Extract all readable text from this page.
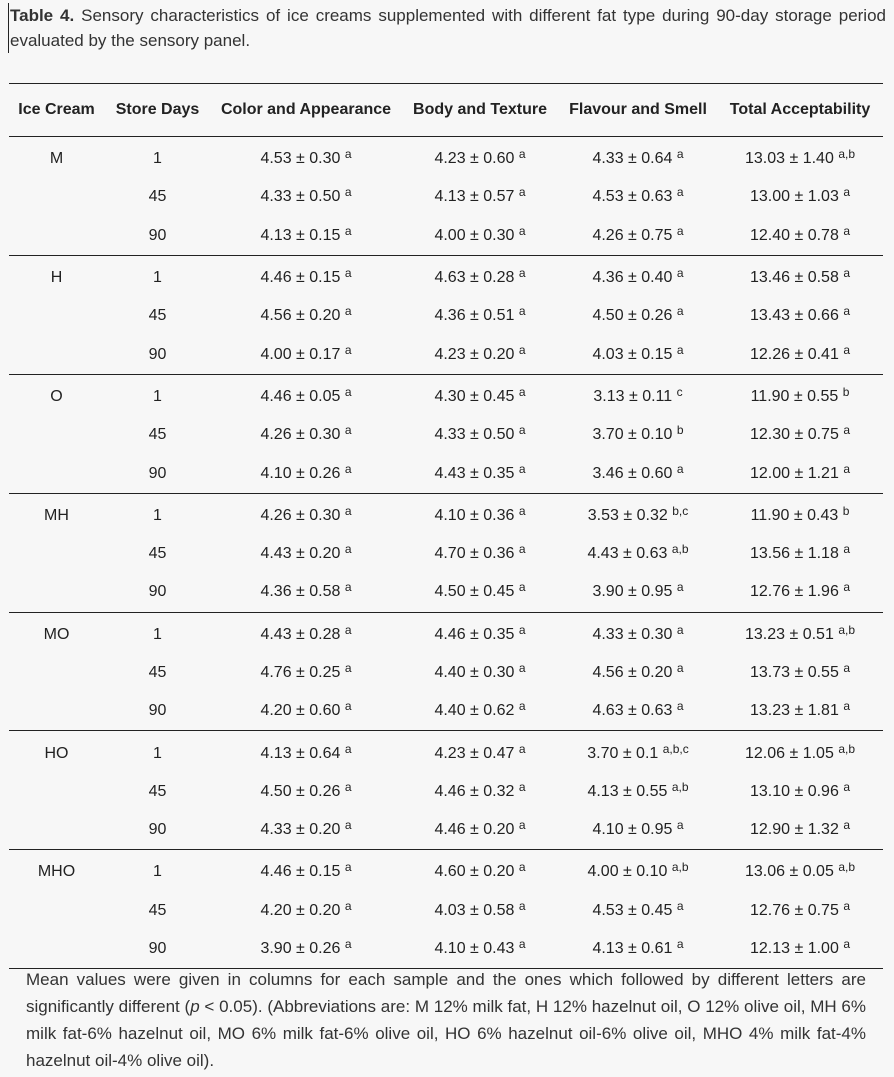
Table 4. Sensory characteristics of ice creams supplemented with different fat type during 90-day storage period evaluated by the sensory panel.
Ice Cream	Store Days	Color and Appearance	Body and Texture	Flavour and Smell	Total Acceptability
M	1	4.53 ± 0.30 $^a$	4.23 ± 0.60 $^a$	4.33 ± 0.64 $^a$	13.03 ± 1.40 $^{a,b}$
	45	4.33 ± 0.50 $^a$	4.13 ± 0.57 $^a$	4.53 ± 0.63 $^a$	13.00 ± 1.03 $^a$
	90	4.13 ± 0.15 $^a$	4.00 ± 0.30 $^a$	4.26 ± 0.75 $^a$	12.40 ± 0.78 $^a$
H	1	4.46 ± 0.15 $^a$	4.63 ± 0.28 $^a$	4.36 ± 0.40 $^a$	13.46 ± 0.58 $^a$
	45	4.56 ± 0.20 $^a$	4.36 ± 0.51 $^a$	4.50 ± 0.26 $^a$	13.43 ± 0.66 $^a$
	90	4.00 ± 0.17 $^a$	4.23 ± 0.20 $^a$	4.03 ± 0.15 $^a$	12.26 ± 0.41 $^a$
O	1	4.46 ± 0.05 $^a$	4.30 ± 0.45 $^a$	3.13 ± 0.11 $^c$	11.90 ± 0.55 $^b$
	45	4.26 ± 0.30 $^a$	4.33 ± 0.50 $^a$	3.70 ± 0.10 $^b$	12.30 ± 0.75 $^a$
	90	4.10 ± 0.26 $^a$	4.43 ± 0.35 $^a$	3.46 ± 0.60 $^a$	12.00 ± 1.21 $^a$
MH	1	4.26 ± 0.30 $^a$	4.10 ± 0.36 $^a$	3.53 ± 0.32 $^{b,c}$	11.90 ± 0.43 $^b$
	45	4.43 ± 0.20 $^a$	4.70 ± 0.36 $^a$	4.43 ± 0.63 $^{a,b}$	13.56 ± 1.18 $^a$
	90	4.36 ± 0.58 $^a$	4.50 ± 0.45 $^a$	3.90 ± 0.95 $^a$	12.76 ± 1.96 $^a$
MO	1	4.43 ± 0.28 $^a$	4.46 ± 0.35 $^a$	4.33 ± 0.30 $^a$	13.23 ± 0.51 $^{a,b}$
	45	4.76 ± 0.25 $^a$	4.40 ± 0.30 $^a$	4.56 ± 0.20 $^a$	13.73 ± 0.55 $^a$
	90	4.20 ± 0.60 $^a$	4.40 ± 0.62 $^a$	4.63 ± 0.63 $^a$	13.23 ± 1.81 $^a$
HO	1	4.13 ± 0.64 $^a$	4.23 ± 0.47 $^a$	3.70 ± 0.1 $^{a,b,c}$	12.06 ± 1.05 $^{a,b}$
	45	4.50 ± 0.26 $^a$	4.46 ± 0.32 $^a$	4.13 ± 0.55 $^{a,b}$	13.10 ± 0.96 $^a$
	90	4.33 ± 0.20 $^a$	4.46 ± 0.20 $^a$	4.10 ± 0.95 $^a$	12.90 ± 1.32 $^a$
MHO	1	4.46 ± 0.15 $^a$	4.60 ± 0.20 $^a$	4.00 ± 0.10 $^{a,b}$	13.06 ± 0.05 $^{a,b}$
	45	4.20 ± 0.20 $^a$	4.03 ± 0.58 $^a$	4.53 ± 0.45 $^a$	12.76 ± 0.75 $^a$
	90	3.90 ± 0.26 $^a$	4.10 ± 0.43 $^a$	4.13 ± 0.61 $^a$	12.13 ± 1.00 $^a$
Mean values were given in columns for each sample and the ones which followed by different letters are significantly different (p < 0.05). (Abbreviations are: M 12% milk fat, H 12% hazelnut oil, O 12% olive oil, MH 6% milk fat-6% hazelnut oil, MO 6% milk fat-6% olive oil, HO 6% hazelnut oil-6% olive oil, MHO 4% milk fat-4% hazelnut oil-4% olive oil).
